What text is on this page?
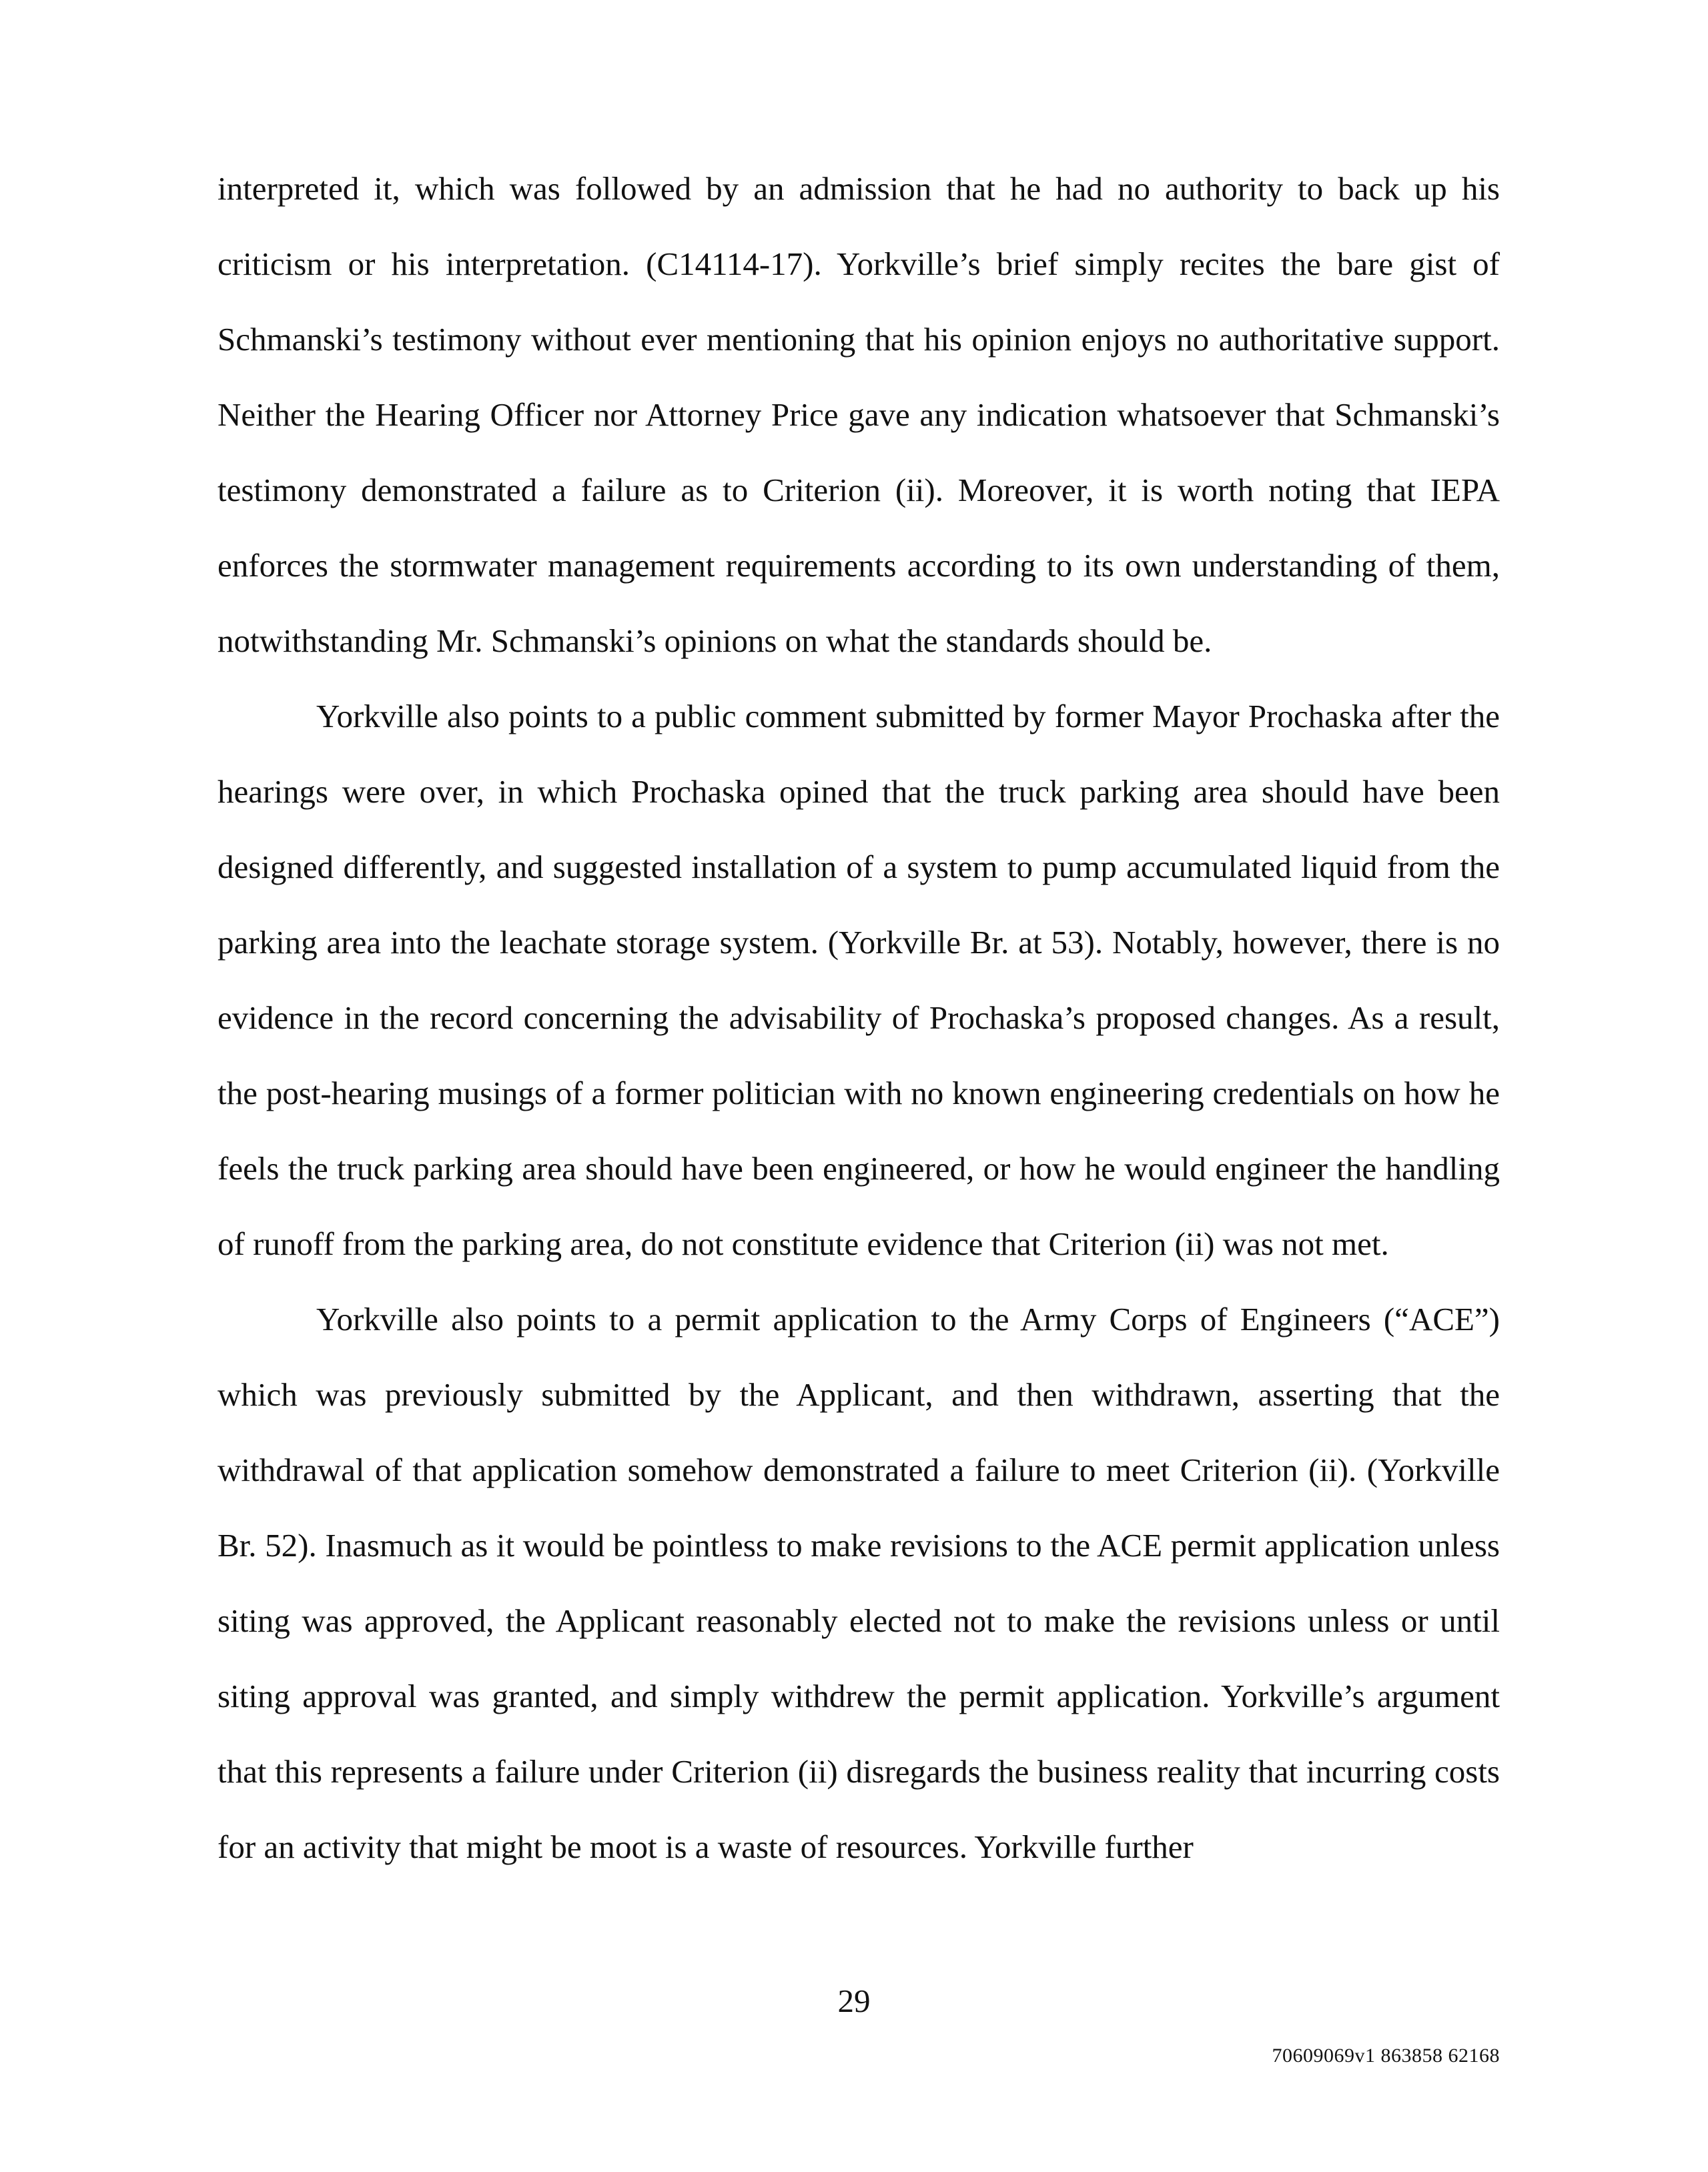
interpreted it, which was followed by an admission that he had no authority to back up his criticism or his interpretation. (C14114-17). Yorkville’s brief simply recites the bare gist of Schmanski’s testimony without ever mentioning that his opinion enjoys no authoritative support. Neither the Hearing Officer nor Attorney Price gave any indication whatsoever that Schmanski’s testimony demonstrated a failure as to Criterion (ii). Moreover, it is worth noting that IEPA enforces the stormwater management requirements according to its own understanding of them, notwithstanding Mr. Schmanski’s opinions on what the standards should be.

Yorkville also points to a public comment submitted by former Mayor Prochaska after the hearings were over, in which Prochaska opined that the truck parking area should have been designed differently, and suggested installation of a system to pump accumulated liquid from the parking area into the leachate storage system. (Yorkville Br. at 53). Notably, however, there is no evidence in the record concerning the advisability of Prochaska’s proposed changes. As a result, the post-hearing musings of a former politician with no known engineering credentials on how he feels the truck parking area should have been engineered, or how he would engineer the handling of runoff from the parking area, do not constitute evidence that Criterion (ii) was not met.

Yorkville also points to a permit application to the Army Corps of Engineers (“ACE”) which was previously submitted by the Applicant, and then withdrawn, asserting that the withdrawal of that application somehow demonstrated a failure to meet Criterion (ii). (Yorkville Br. 52). Inasmuch as it would be pointless to make revisions to the ACE permit application unless siting was approved, the Applicant reasonably elected not to make the revisions unless or until siting approval was granted, and simply withdrew the permit application. Yorkville’s argument that this represents a failure under Criterion (ii) disregards the business reality that incurring costs for an activity that might be moot is a waste of resources. Yorkville further

29
70609069v1 863858 62168
